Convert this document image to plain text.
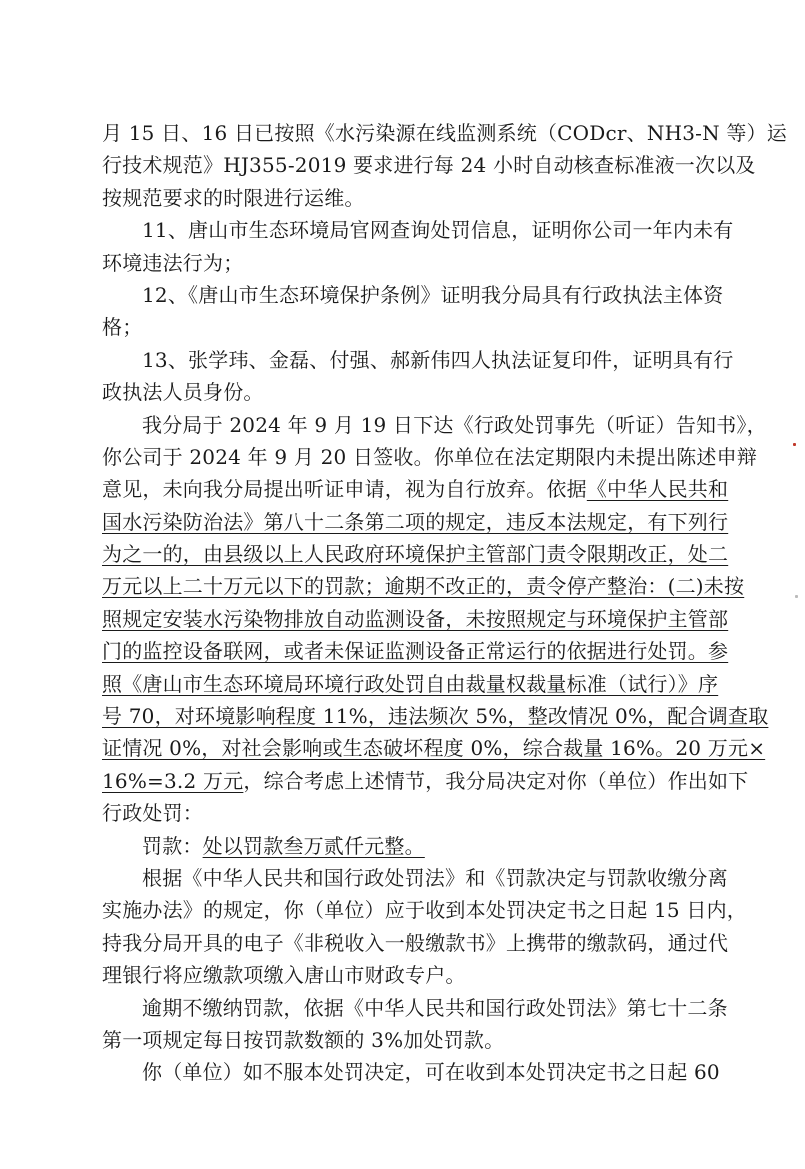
月 15 日、16 日已按照《水污染源在线监测系统（CODcr、NH3-N 等）运
行技术规范》HJ355-2019 要求进行每 24 小时自动核查标准液一次以及
按规范要求的时限进行运维。
11、唐山市生态环境局官网查询处罚信息，证明你公司一年内未有
环境违法行为；
12、《唐山市生态环境保护条例》证明我分局具有行政执法主体资
格；
13、张学玮、金磊、付强、郝新伟四人执法证复印件，证明具有行
政执法人员身份。
我分局于 2024 年 9 月 19 日下达《行政处罚事先（听证）告知书》，
你公司于 2024 年 9 月 20 日签收。你单位在法定期限内未提出陈述申辩
意见，未向我分局提出听证申请，视为自行放弃。依据《中华人民共和
国水污染防治法》第八十二条第二项的规定，违反本法规定，有下列行
为之一的，由县级以上人民政府环境保护主管部门责令限期改正，处二
万元以上二十万元以下的罚款；逾期不改正的，责令停产整治：(二)未按
照规定安装水污染物排放自动监测设备，未按照规定与环境保护主管部
门的监控设备联网，或者未保证监测设备正常运行的依据进行处罚。参
照《唐山市生态环境局环境行政处罚自由裁量权裁量标准（试行）》序
号 70，对环境影响程度 11%，违法频次 5%，整改情况 0%，配合调查取
证情况 0%，对社会影响或生态破坏程度 0%，综合裁量 16%。20 万元×
16%=3.2 万元，综合考虑上述情节，我分局决定对你（单位）作出如下
行政处罚：
罚款：处以罚款叁万贰仟元整。
根据《中华人民共和国行政处罚法》和《罚款决定与罚款收缴分离
实施办法》的规定，你（单位）应于收到本处罚决定书之日起 15 日内，
持我分局开具的电子《非税收入一般缴款书》上携带的缴款码，通过代
理银行将应缴款项缴入唐山市财政专户。
逾期不缴纳罚款，依据《中华人民共和国行政处罚法》第七十二条
第一项规定每日按罚款数额的 3%加处罚款。
你（单位）如不服本处罚决定，可在收到本处罚决定书之日起 60
